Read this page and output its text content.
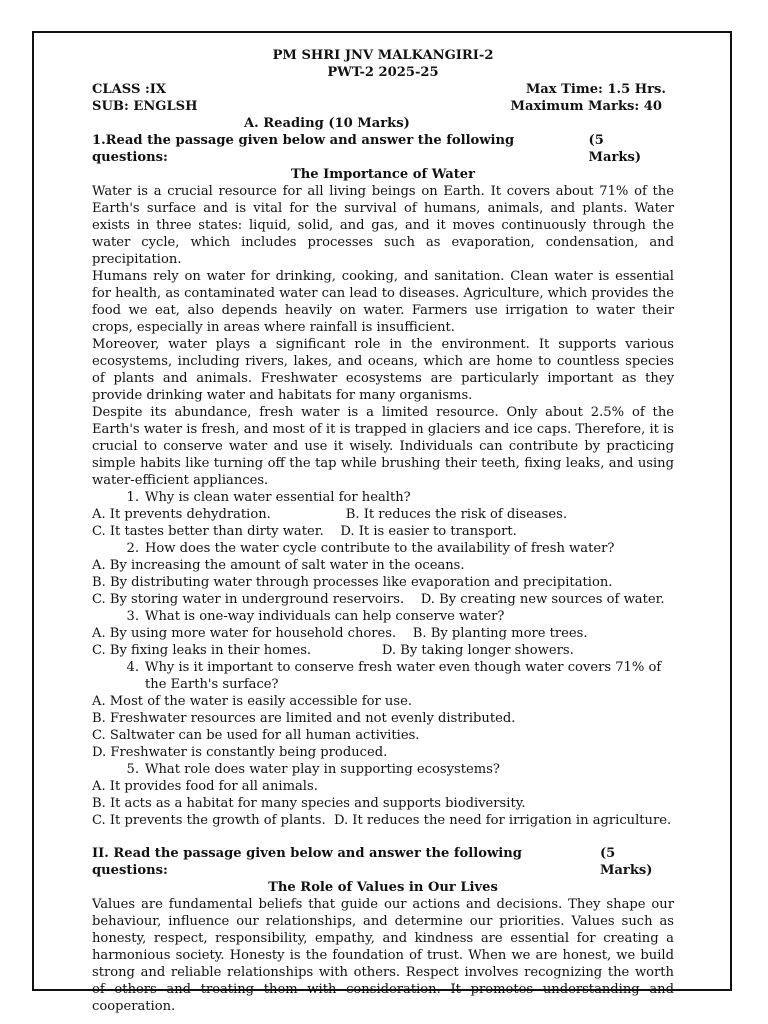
PM SHRI JNV MALKANGIRI-2
PWT-2 2025-25
CLASS :IX	Max Time: 1.5 Hrs.
SUB: ENGLSH	Maximum Marks: 40
A. Reading (10 Marks)
1.Read the passage given below and answer the following questions:
(5 Marks)
The Importance of Water

Water is a crucial resource for all living beings on Earth. It covers about 71% of the Earth's surface and is vital for the survival of humans, animals, and plants. Water exists in three states: liquid, solid, and gas, and it moves continuously through the water cycle, which includes processes such as evaporation, condensation, and precipitation.

Humans rely on water for drinking, cooking, and sanitation. Clean water is essential for health, as contaminated water can lead to diseases. Agriculture, which provides the food we eat, also depends heavily on water. Farmers use irrigation to water their crops, especially in areas where rainfall is insufficient.

Moreover, water plays a significant role in the environment. It supports various ecosystems, including rivers, lakes, and oceans, which are home to countless species of plants and animals. Freshwater ecosystems are particularly important as they provide drinking water and habitats for many organisms.

Despite its abundance, fresh water is a limited resource. Only about 2.5% of the Earth's water is fresh, and most of it is trapped in glaciers and ice caps. Therefore, it is crucial to conserve water and use it wisely. Individuals can contribute by practicing simple habits like turning off the tap while brushing their teeth, fixing leaks, and using water-efficient appliances.

1. Why is clean water essential for health?

A. It prevents dehydration.                  B. It reduces the risk of diseases.

C. It tastes better than dirty water.    D. It is easier to transport.

2. How does the water cycle contribute to the availability of fresh water?

A. By increasing the amount of salt water in the oceans.

B. By distributing water through processes like evaporation and precipitation.

C. By storing water in underground reservoirs.    D. By creating new sources of water.

3. What is one-way individuals can help conserve water?

A. By using more water for household chores.    B. By planting more trees.

C. By fixing leaks in their homes.                 D. By taking longer showers.

4. Why is it important to conserve fresh water even though water covers 71% of the Earth's surface?

A. Most of the water is easily accessible for use.

B. Freshwater resources are limited and not evenly distributed.

C. Saltwater can be used for all human activities.

D. Freshwater is constantly being produced.

5. What role does water play in supporting ecosystems?

A. It provides food for all animals.

B. It acts as a habitat for many species and supports biodiversity.

C. It prevents the growth of plants.  D. It reduces the need for irrigation in agriculture.

II. Read the passage given below and answer the following questions:
(5 Marks)
The Role of Values in Our Lives

Values are fundamental beliefs that guide our actions and decisions. They shape our behaviour, influence our relationships, and determine our priorities. Values such as honesty, respect, responsibility, empathy, and kindness are essential for creating a harmonious society. Honesty is the foundation of trust. When we are honest, we build strong and reliable relationships with others. Respect involves recognizing the worth of others and treating them with consideration. It promotes understanding and cooperation.
